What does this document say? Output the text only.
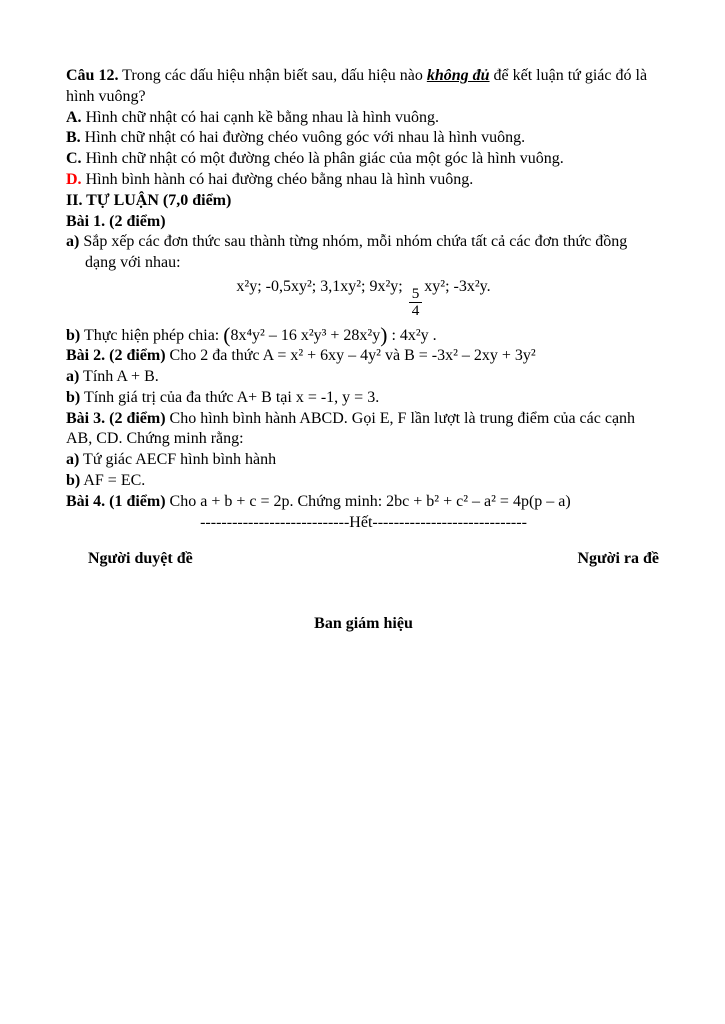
Câu 12. Trong các dấu hiệu nhận biết sau, dấu hiệu nào không đủ để kết luận tứ giác đó là hình vuông?

A. Hình chữ nhật có hai cạnh kề bằng nhau là hình vuông.

B. Hình chữ nhật có hai đường chéo vuông góc với nhau là hình vuông.

C. Hình chữ nhật có một đường chéo là phân giác của một góc là hình vuông.

D. Hình bình hành có hai đường chéo bằng nhau là hình vuông.

II. TỰ LUẬN (7,0 điểm)

Bài 1. (2 điểm)

a) Sắp xếp các đơn thức sau thành từng nhóm, mỗi nhóm chứa tất cả các đơn thức đồng dạng với nhau:

x²y; -0,5xy²; 3,1xy²; 9x²y; $\frac{5}{4} xy^2$; -3x²y.

b) Thực hiện phép chia: (8x⁴y² – 16 x²y³ + 28x²y) : 4x²y .

Bài 2. (2 điểm) Cho 2 đa thức A = x² + 6xy – 4y² và B = -3x² – 2xy + 3y²

a) Tính A + B.

b) Tính giá trị của đa thức A+ B tại x = -1, y = 3.

Bài 3. (2 điểm) Cho hình bình hành ABCD. Gọi E, F lần lượt là trung điểm của các cạnh AB, CD. Chứng minh rằng:

a) Tứ giác AECF hình bình hành

b) AF = EC.

Bài 4. (1 điểm) Cho a + b + c = 2p. Chứng minh: 2bc + b² + c² – a² = 4p(p – a)

----------------------------Hết-----------------------------

Người duyệt đề	Người ra đề

Ban giám hiệu
